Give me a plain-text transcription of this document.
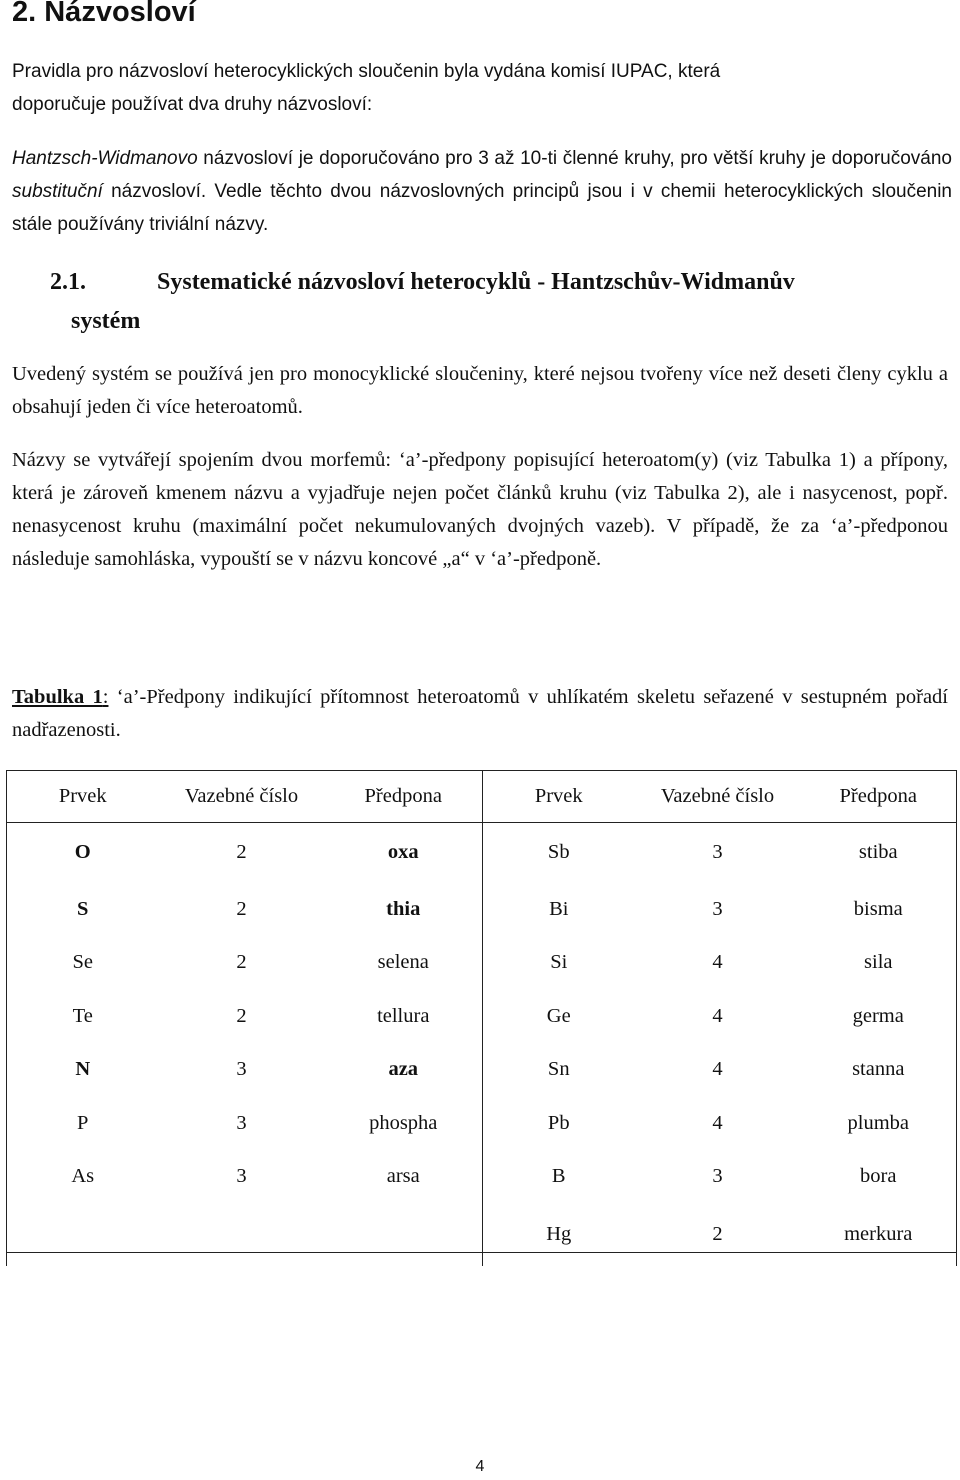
2. Názvosloví

Pravidla pro názvosloví heterocyklických sloučenin byla vydána komisí IUPAC, která
doporučuje používat dva druhy názvosloví:

Hantzsch-Widmanovo názvosloví je doporučováno pro 3 až 10-ti členné kruhy, pro větší kruhy je doporučováno substituční názvosloví. Vedle těchto dvou názvoslovných principů jsou i v chemii heterocyklických sloučenin stále používány triviální názvy.

2.1.	Systematické názvosloví heterocyklů - Hantzschův-Widmanův
systém

Uvedený systém se používá jen pro monocyklické sloučeniny, které nejsou tvořeny více než deseti členy cyklu a obsahují jeden či více heteroatomů.

Názvy se vytvářejí spojením dvou morfemů: ‘a’-předpony popisující heteroatom(y) (viz Tabulka 1) a přípony, která je zároveň kmenem názvu a vyjadřuje nejen počet článků kruhu (viz Tabulka 2), ale i nasycenost, popř. nenasycenost kruhu (maximální počet nekumulovaných dvojných vazeb). V případě, že za ‘a’-předponou následuje samohláska, vypouští se v názvu koncové „a“ v ‘a’-předponě.

Tabulka 1: ‘a’-Předpony indikující přítomnost heteroatomů v uhlíkatém skeletu seřazené v sestupném pořadí nadřazenosti.

Prvek	Vazebné číslo	Předpona	Prvek	Vazebné číslo	Předpona
O	2	oxa	Sb	3	stiba
S	2	thia	Bi	3	bisma
Se	2	selena	Si	4	sila
Te	2	tellura	Ge	4	germa
N	3	aza	Sn	4	stanna
P	3	phospha	Pb	4	plumba
As	3	arsa	B	3	bora
			Hg	2	merkura
4
